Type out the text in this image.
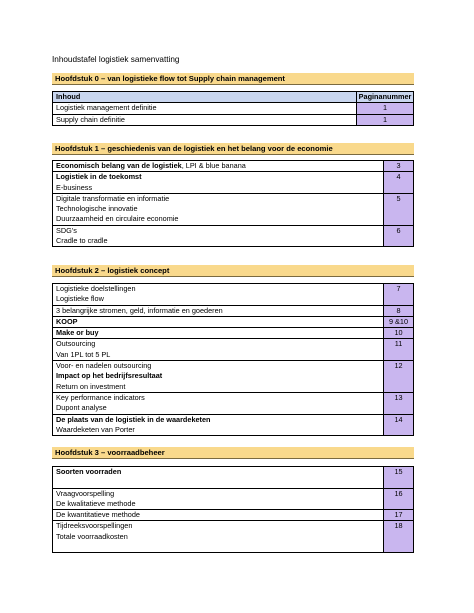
Inhoudstafel logistiek samenvatting
Hoofdstuk 0 – van logistieke flow tot Supply chain management
Inhoud	Paginanummer

Logistiek management definitie	1

Supply chain definitie	1
Hoofdstuk 1 – geschiedenis van de logistiek en het belang voor de economie
Economisch belang van de logistiek, LPI & blue banana	3

Logistiek in de toekomst
E-business	4

Digitale transformatie en informatie
Technologische innovatie
Duurzaamheid en circulaire economie	5

SDG's
Cradle to cradle	6
Hoofdstuk 2 – logistiek concept
Logistieke doelstellingen
Logistieke flow	7

3 belangrijke stromen, geld, informatie en goederen	8

KOOP	9 &10

Make or buy	10

Outsourcing
Van 1PL tot 5 PL	11

Voor- en nadelen outsourcing
Impact op het bedrijfsresultaat
Return on investment	12

Key performance indicators
Dupont analyse	13

De plaats van de logistiek in de waardeketen
Waardeketen van Porter	14
Hoofdstuk 3 – voorraadbeheer
Soorten voorraden	15

Vraagvoorspelling
De kwalitatieve methode	16

De kwantitatieve methode	17

Tijdreeksvoorspellingen
Totale voorraadkosten	18
